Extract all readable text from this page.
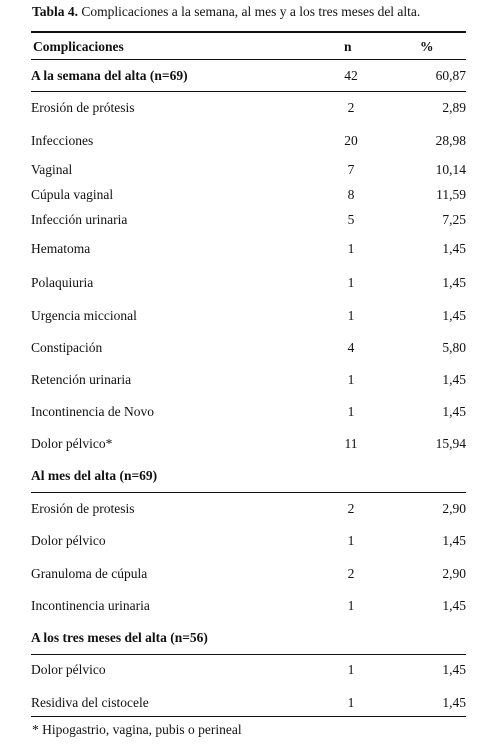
Tabla 4. Complicaciones a la semana, al mes y a los tres meses del alta.
Complicaciones	n	%
A la semana del alta (n=69)	42	60,87
Erosión de prótesis	2	2,89
Infecciones	20	28,98
Vaginal	7	10,14
Cúpula vaginal	8	11,59
Infección urinaria	5	7,25
Hematoma	1	1,45
Polaquiuria	1	1,45
Urgencia miccional	1	1,45
Constipación	4	5,80
Retención urinaria	1	1,45
Incontinencia de Novo	1	1,45
Dolor pélvico*	11	15,94
Al mes del alta (n=69)		
Erosión de protesis	2	2,90
Dolor pélvico	1	1,45
Granuloma de cúpula	2	2,90
Incontinencia urinaria	1	1,45
A los tres meses del alta (n=56)		
Dolor pélvico	1	1,45
Residiva del cistocele	1	1,45
* Hipogastrio, vagina, pubis o perineal
